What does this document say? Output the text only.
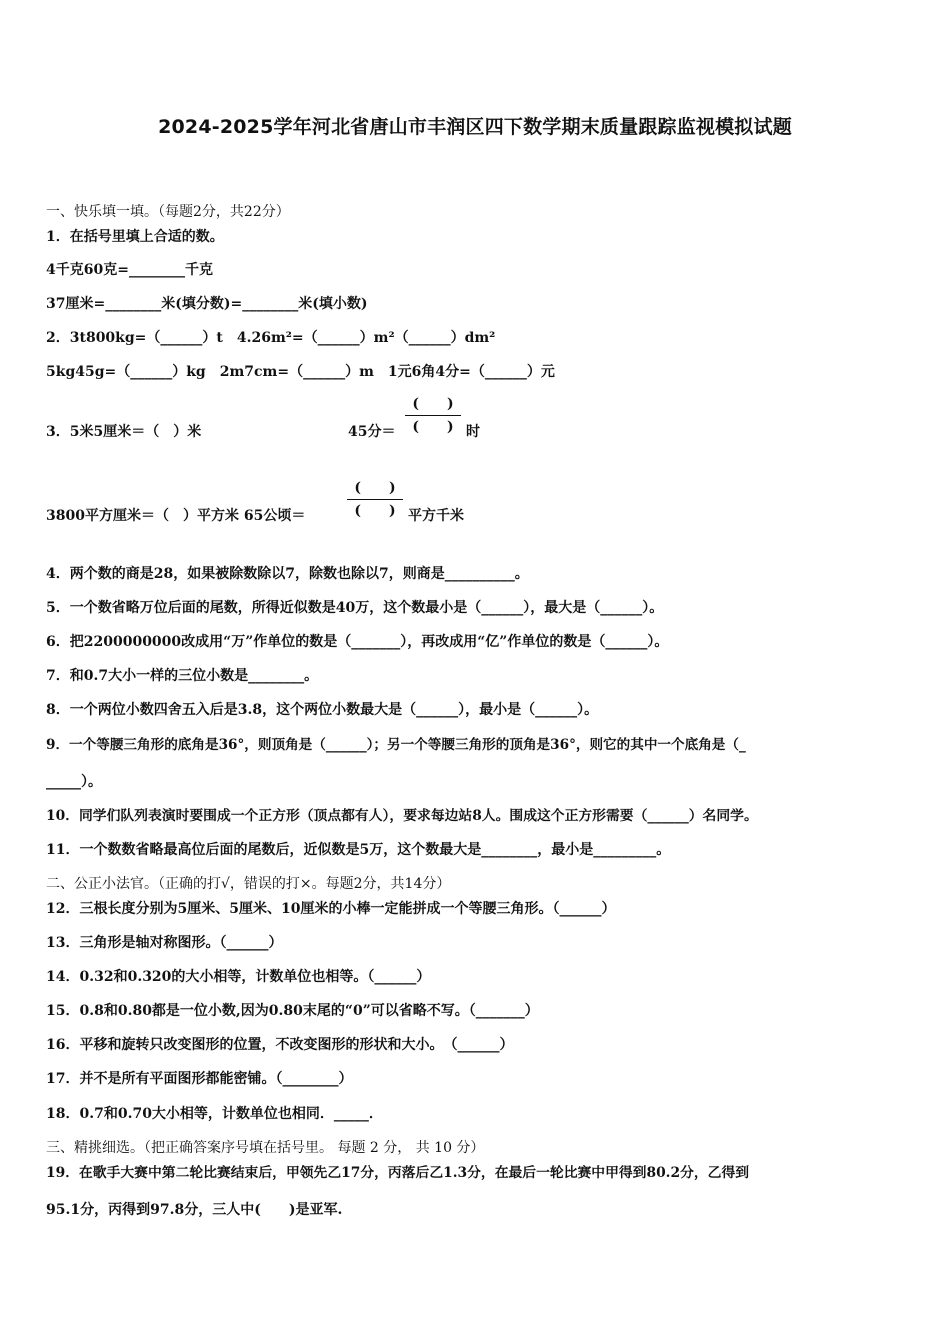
2024-2025学年河北省唐山市丰润区四下数学期末质量跟踪监视模拟试题
一、快乐填一填。（每题2分，共22分）
1．在括号里填上合适的数。
4千克60克=________千克
37厘米=________米(填分数)=________米(填小数)
2．3t800kg=（______）t　4.26m²=（______）m²（______）dm²
5kg45g=（______）kg　2m7cm=（______）m　1元6角4分=（______）元
3．5米5厘米＝（　）米	45分＝
(　　)
(　　) 时
3800平方厘米＝（　）平方米 65公顷＝
(　　)
(　　) 平方千米
4．两个数的商是28，如果被除数除以7，除数也除以7，则商是__________。
5．一个数省略万位后面的尾数，所得近似数是40万，这个数最小是（______），最大是（______）。
6．把2200000000改成用“万”作单位的数是（_______），再改成用“亿”作单位的数是（______）。
7．和0.7大小一样的三位小数是________。
8．一个两位小数四舍五入后是3.8，这个两位小数最大是（______），最小是（______）。
9．一个等腰三角形的底角是36°，则顶角是（______）；另一个等腰三角形的顶角是36°，则它的其中一个底角是（_
_____）。
10．同学们队列表演时要围成一个正方形（顶点都有人），要求每边站8人。围成这个正方形需要（______）名同学。
11．一个数数省略最高位后面的尾数后，近似数是5万，这个数最大是________，最小是_________。
二、公正小法官。（正确的打√，错误的打×。每题2分，共14分）
12．三根长度分别为5厘米、5厘米、10厘米的小棒一定能拼成一个等腰三角形。（______）
13．三角形是轴对称图形。（______）
14．0.32和0.320的大小相等，计数单位也相等。（______）
15．0.8和0.80都是一位小数,因为0.80末尾的“0”可以省略不写。（_______）
16．平移和旋转只改变图形的位置，不改变图形的形状和大小。　（______）
17．并不是所有平面图形都能密铺。（________）
18．0.7和0.70大小相等，计数单位也相同．_____．
三、精挑细选。（把正确答案序号填在括号里。 每题 2 分， 共 10 分）
19．在歌手大赛中第二轮比赛结束后，甲领先乙17分，丙落后乙1.3分，在最后一轮比赛中甲得到80.2分，乙得到
95.1分，丙得到97.8分，三人中(　　)是亚军.
